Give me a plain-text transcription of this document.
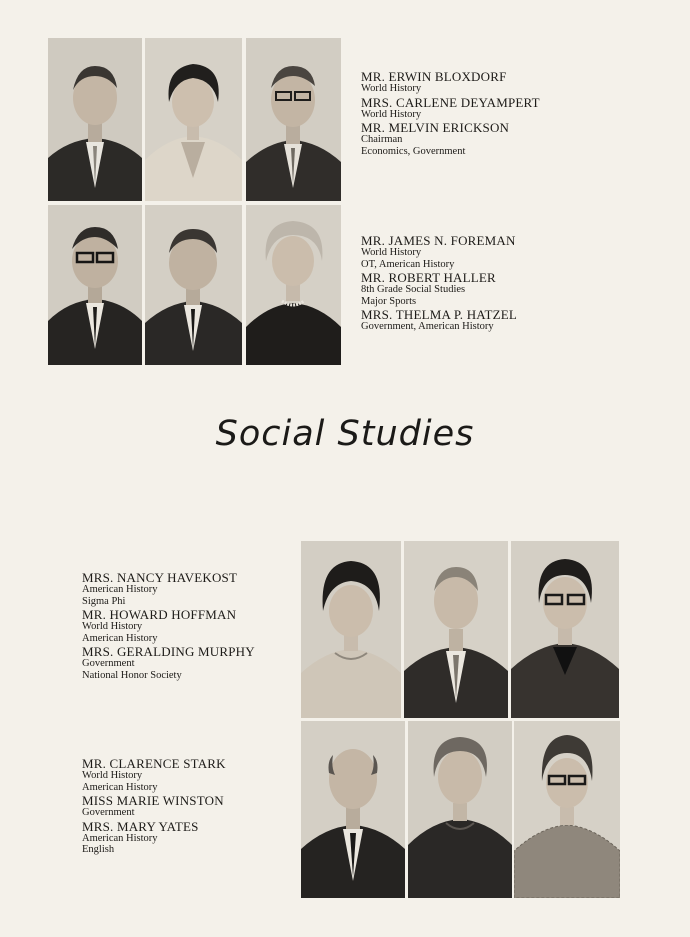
MR. ERWIN BLOXDORF
World History
MRS. CARLENE DEYAMPERT
World History
MR. MELVIN ERICKSON
Chairman
Economics, Government
MR. JAMES N. FOREMAN
World History
OT, American History
MR. ROBERT HALLER
8th Grade Social Studies
Major Sports
MRS. THELMA P. HATZEL
Government, American History
Social Studies
MRS. NANCY HAVEKOST
American History
Sigma Phi
MR. HOWARD HOFFMAN
World History
American History
MRS. GERALDING MURPHY
Government
National Honor Society
MR. CLARENCE STARK
World History
American History
MISS MARIE WINSTON
Government
MRS. MARY YATES
American History
English
